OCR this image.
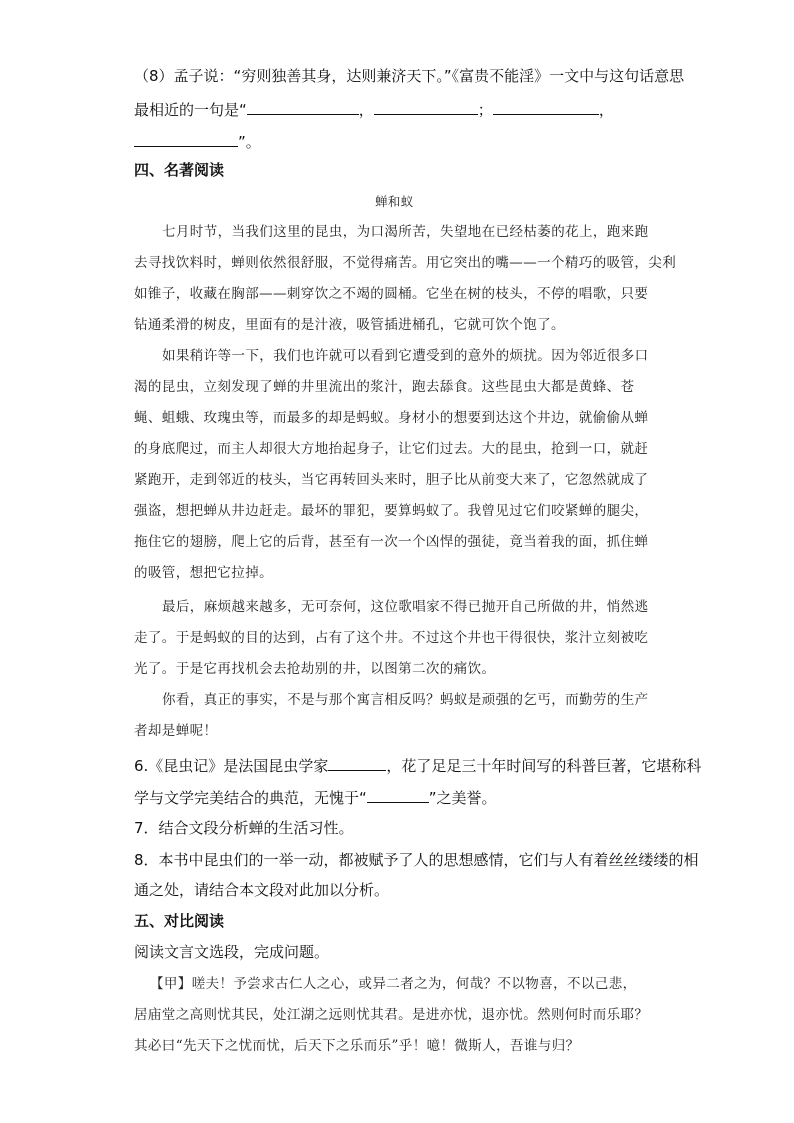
（8）孟子说：“穷则独善其身，达则兼济天下。”《富贵不能淫》一文中与这句话意思
最相近的一句是“	，	；	，
”。
四、名著阅读
蝉和蚁
七月时节，当我们这里的昆虫，为口渴所苦，失望地在已经枯萎的花上，跑来跑
去寻找饮料时，蝉则依然很舒服，不觉得痛苦。用它突出的嘴——一个精巧的吸管，尖利
如锥子，收藏在胸部——刺穿饮之不竭的圆桶。它坐在树的枝头，不停的唱歌，只要
钻通柔滑的树皮，里面有的是汁液，吸管插进桶孔，它就可饮个饱了。
如果稍许等一下，我们也许就可以看到它遭受到的意外的烦扰。因为邻近很多口
渴的昆虫，立刻发现了蝉的井里流出的浆汁，跑去舔食。这些昆虫大都是黄蜂、苍
蝇、蛆蛾、玫瑰虫等，而最多的却是蚂蚁。身材小的想要到达这个井边，就偷偷从蝉
的身底爬过，而主人却很大方地抬起身子，让它们过去。大的昆虫，抢到一口，就赶
紧跑开，走到邻近的枝头，当它再转回头来时，胆子比从前变大来了，它忽然就成了
强盗，想把蝉从井边赶走。最坏的罪犯，要算蚂蚁了。我曾见过它们咬紧蝉的腿尖，
拖住它的翅膀，爬上它的后背，甚至有一次一个凶悍的强徒，竟当着我的面，抓住蝉
的吸管，想把它拉掉。
最后，麻烦越来越多，无可奈何，这位歌唱家不得已抛开自己所做的井，悄然逃
走了。于是蚂蚁的目的达到，占有了这个井。不过这个井也干得很快，浆汁立刻被吃
光了。于是它再找机会去抢劫别的井，以图第二次的痛饮。
你看，真正的事实，不是与那个寓言相反吗？蚂蚁是顽强的乞丐，而勤劳的生产
者却是蝉呢！
6.《昆虫记》是法国昆虫学家	，花了足足三十年时间写的科普巨著，它堪称科
学与文学完美结合的典范，无愧于“	”之美誉。
7．结合文段分析蝉的生活习性。
8．本书中昆虫们的一举一动，都被赋予了人的思想感情，它们与人有着丝丝缕缕的相
通之处，请结合本文段对此加以分析。
五、对比阅读
阅读文言文选段，完成问题。
【甲】嗟夫！予尝求古仁人之心，或异二者之为，何哉？不以物喜，不以己悲，
居庙堂之高则忧其民，处江湖之远则忧其君。是进亦忧，退亦忧。然则何时而乐耶？
其必曰“先天下之忧而忧，后天下之乐而乐”乎！噫！微斯人，吾谁与归？
